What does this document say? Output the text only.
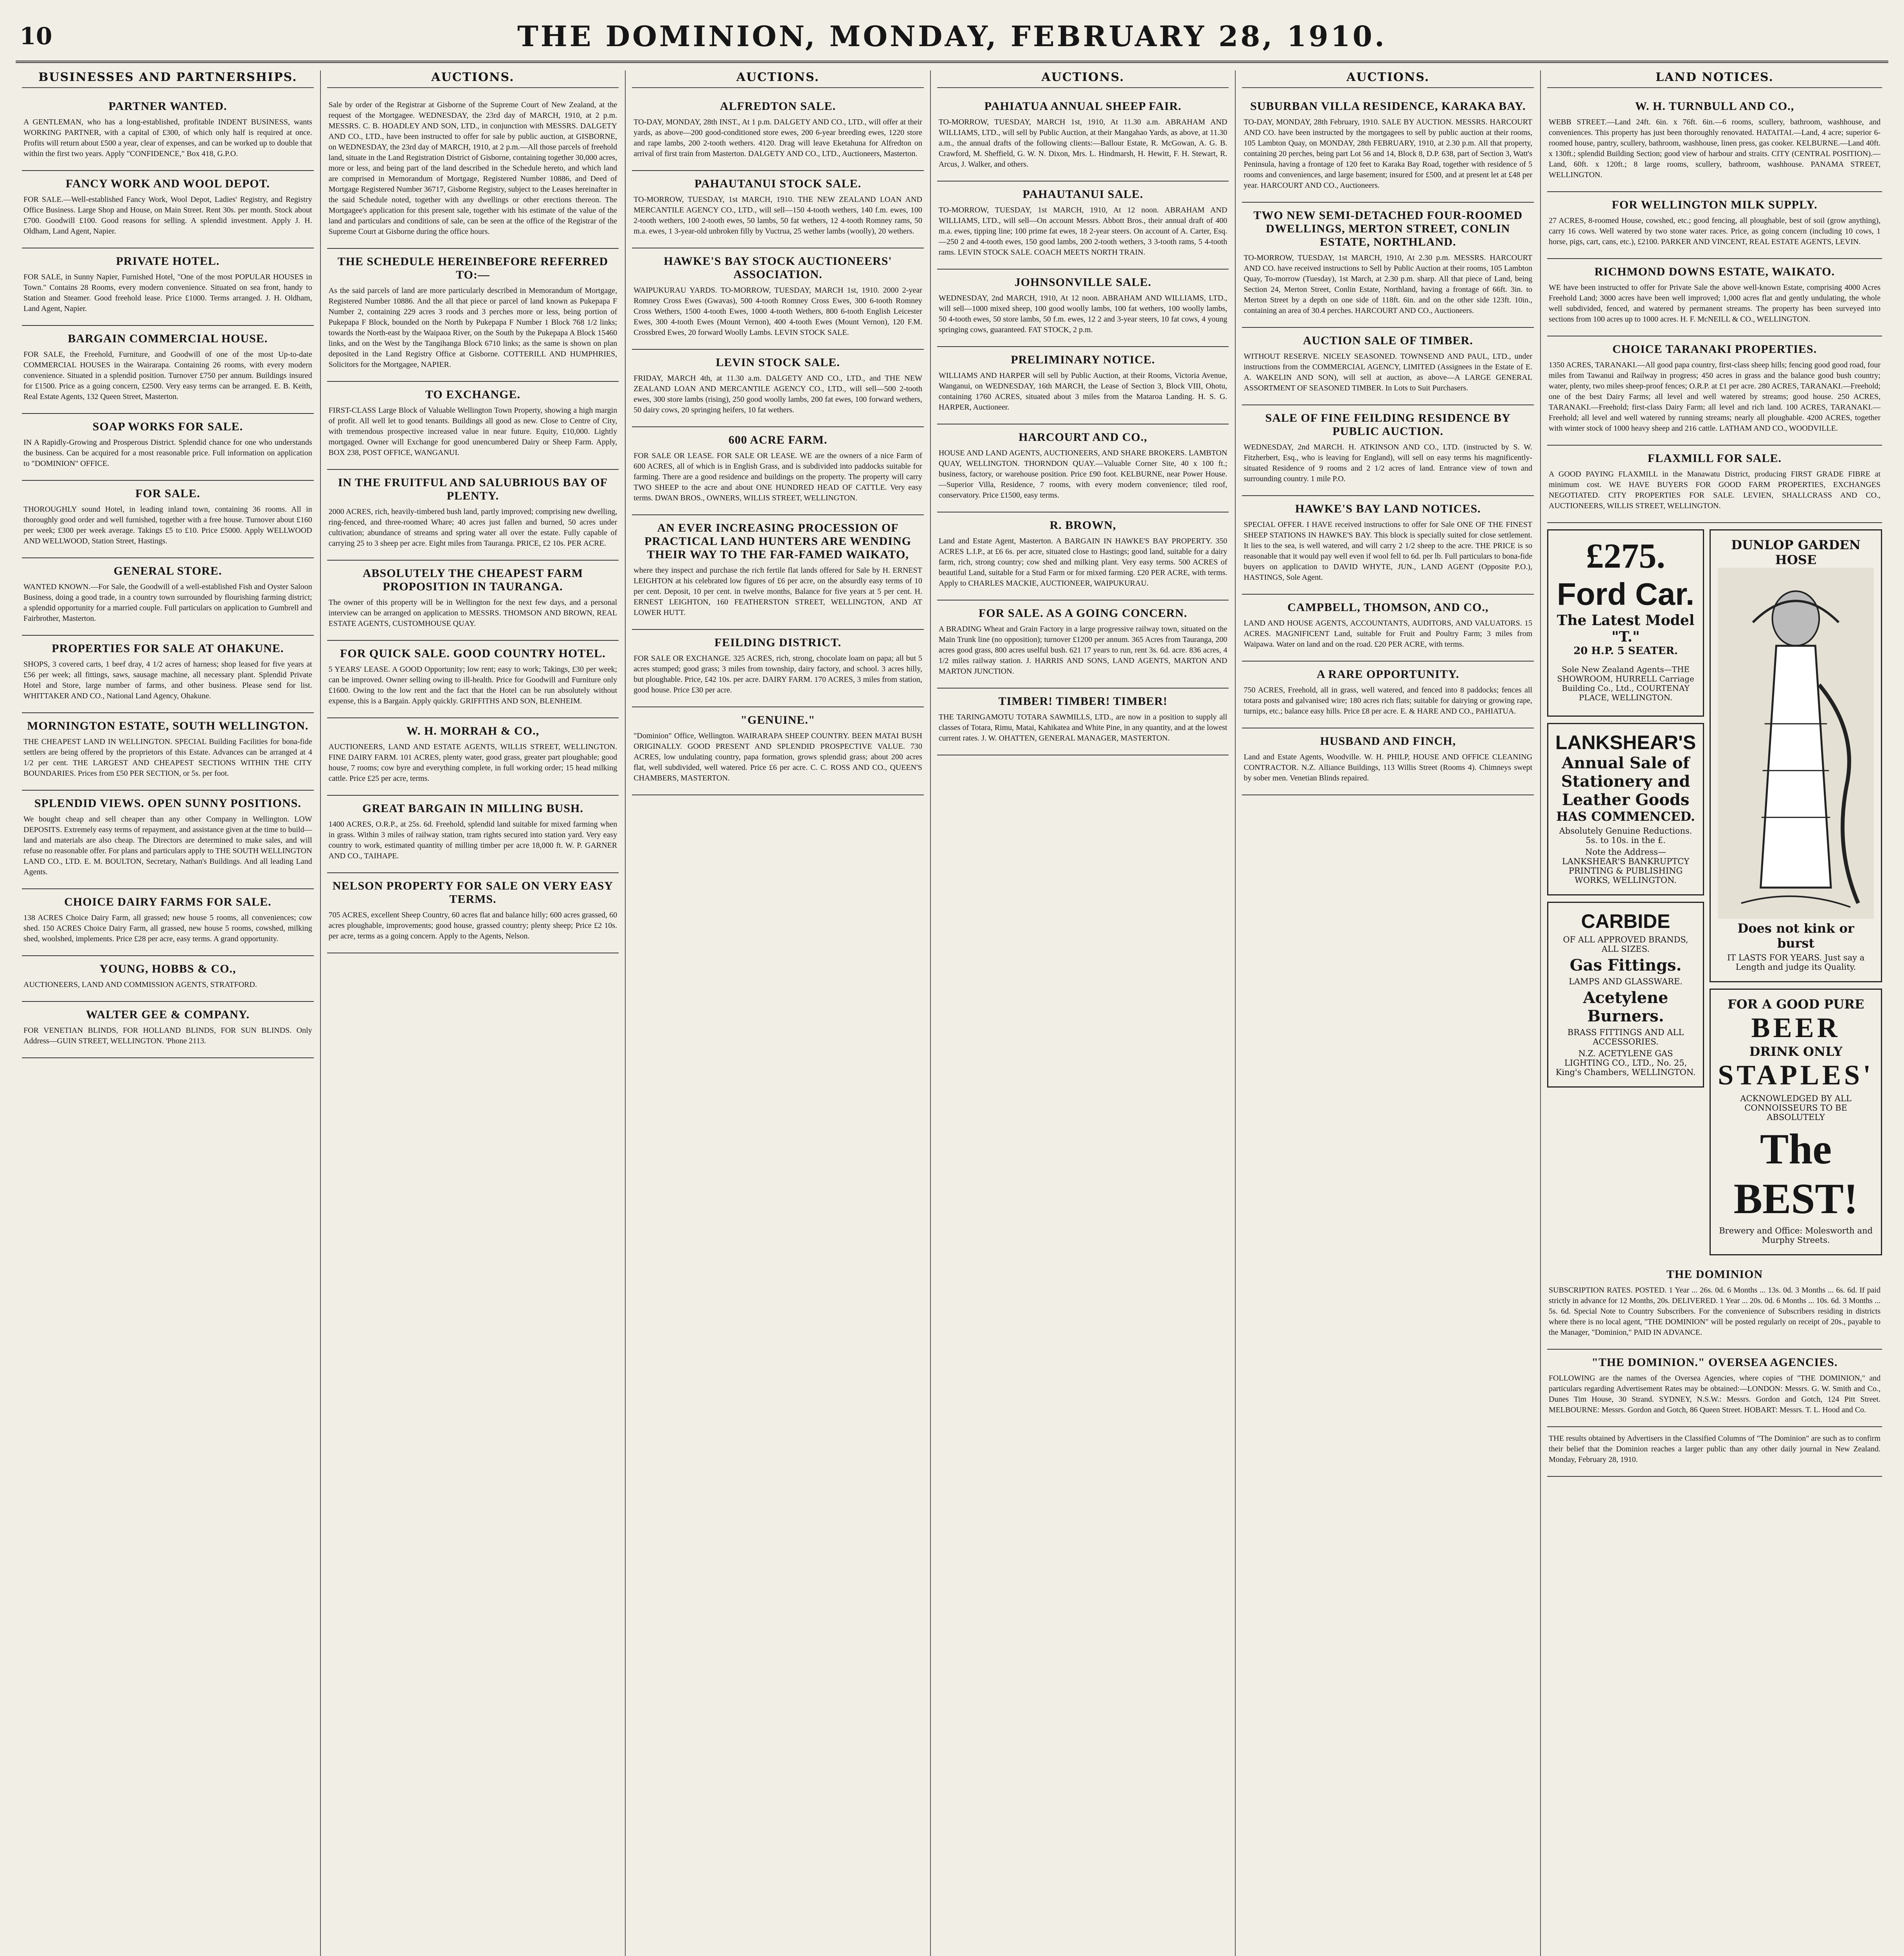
10	THE DOMINION, MONDAY, FEBRUARY 28, 1910.
BUSINESSES AND PARTNERSHIPS.
PARTNER WANTED.

A GENTLEMAN, who has a long-established, profitable INDENT BUSINESS, wants WORKING PARTNER, with a capital of £300, of which only half is required at once. Profits will return about £500 a year, clear of expenses, and can be worked up to double that within the first two years. Apply "CONFIDENCE," Box 418, G.P.O.

FANCY WORK AND WOOL DEPOT.

FOR SALE.—Well-established Fancy Work, Wool Depot, Ladies' Registry, and Registry Office Business. Large Shop and House, on Main Street. Rent 30s. per month. Stock about £700. Goodwill £100. Good reasons for selling. A splendid investment. Apply J. H. Oldham, Land Agent, Napier.

PRIVATE HOTEL.

FOR SALE, in Sunny Napier, Furnished Hotel, "One of the most POPULAR HOUSES in Town." Contains 28 Rooms, every modern convenience. Situated on sea front, handy to Station and Steamer. Good freehold lease. Price £1000. Terms arranged. J. H. Oldham, Land Agent, Napier.

BARGAIN COMMERCIAL HOUSE.

FOR SALE, the Freehold, Furniture, and Goodwill of one of the most Up-to-date COMMERCIAL HOUSES in the Wairarapa. Containing 26 rooms, with every modern convenience. Situated in a splendid position. Turnover £750 per annum. Buildings insured for £1500. Price as a going concern, £2500. Very easy terms can be arranged. E. B. Keith, Real Estate Agents, 132 Queen Street, Masterton.

SOAP WORKS FOR SALE.

IN A Rapidly-Growing and Prosperous District. Splendid chance for one who understands the business. Can be acquired for a most reasonable price. Full information on application to "DOMINION" OFFICE.

FOR SALE.

THOROUGHLY sound Hotel, in leading inland town, containing 36 rooms. All in thoroughly good order and well furnished, together with a free house. Turnover about £160 per week; £300 per week average. Takings £5 to £10. Price £5000. Apply WELLWOOD AND WELLWOOD, Station Street, Hastings.

GENERAL STORE.

WANTED KNOWN.—For Sale, the Goodwill of a well-established Fish and Oyster Saloon Business, doing a good trade, in a country town surrounded by flourishing farming district; a splendid opportunity for a married couple. Full particulars on application to Gumbrell and Fairbrother, Masterton.

PROPERTIES FOR SALE AT OHAKUNE.

SHOPS, 3 covered carts, 1 beef dray, 4 1/2 acres of harness; shop leased for five years at £56 per week; all fittings, saws, sausage machine, all necessary plant. Splendid Private Hotel and Store, large number of farms, and other business. Please send for list. WHITTAKER AND CO., National Land Agency, Ohakune.

MORNINGTON ESTATE, SOUTH WELLINGTON.

THE CHEAPEST LAND IN WELLINGTON. SPECIAL Building Facilities for bona-fide settlers are being offered by the proprietors of this Estate. Advances can be arranged at 4 1/2 per cent. THE LARGEST AND CHEAPEST SECTIONS WITHIN THE CITY BOUNDARIES. Prices from £50 PER SECTION, or 5s. per foot.

SPLENDID VIEWS. OPEN SUNNY POSITIONS.

We bought cheap and sell cheaper than any other Company in Wellington. LOW DEPOSITS. Extremely easy terms of repayment, and assistance given at the time to build—land and materials are also cheap. The Directors are determined to make sales, and will refuse no reasonable offer. For plans and particulars apply to THE SOUTH WELLINGTON LAND CO., LTD. E. M. BOULTON, Secretary, Nathan's Buildings. And all leading Land Agents.

CHOICE DAIRY FARMS FOR SALE.

138 ACRES Choice Dairy Farm, all grassed; new house 5 rooms, all conveniences; cow shed. 150 ACRES Choice Dairy Farm, all grassed, new house 5 rooms, cowshed, milking shed, woolshed, implements. Price £28 per acre, easy terms. A grand opportunity.

YOUNG, HOBBS & CO.,

AUCTIONEERS, LAND AND COMMISSION AGENTS, STRATFORD.

WALTER GEE & COMPANY.

FOR VENETIAN BLINDS, FOR HOLLAND BLINDS, FOR SUN BLINDS. Only Address—GUIN STREET, WELLINGTON. 'Phone 2113.

AUCTIONS.

Sale by order of the Registrar at Gisborne of the Supreme Court of New Zealand, at the request of the Mortgagee. WEDNESDAY, the 23rd day of MARCH, 1910, at 2 p.m. MESSRS. C. B. HOADLEY AND SON, LTD., in conjunction with MESSRS. DALGETY AND CO., LTD., have been instructed to offer for sale by public auction, at GISBORNE, on WEDNESDAY, the 23rd day of MARCH, 1910, at 2 p.m.—All those parcels of freehold land, situate in the Land Registration District of Gisborne, containing together 30,000 acres, more or less, and being part of the land described in the Schedule hereto, and which land are comprised in Memorandum of Mortgage, Registered Number 10886, and Deed of Mortgage Registered Number 36717, Gisborne Registry, subject to the Leases hereinafter in the said Schedule noted, together with any dwellings or other erections thereon. The Mortgagee's application for this present sale, together with his estimate of the value of the land and particulars and conditions of sale, can be seen at the office of the Registrar of the Supreme Court at Gisborne during the office hours.

THE SCHEDULE HEREINBEFORE REFERRED TO:—

As the said parcels of land are more particularly described in Memorandum of Mortgage, Registered Number 10886. And the all that piece or parcel of land known as Pukepapa F Number 2, containing 229 acres 3 roods and 3 perches more or less, being portion of Pukepapa F Block, bounded on the North by Pukepapa F Number 1 Block 768 1/2 links; towards the North-east by the Waipaoa River, on the South by the Pukepapa A Block 15460 links, and on the West by the Tangihanga Block 6710 links; as the same is shown on plan deposited in the Land Registry Office at Gisborne. COTTERILL AND HUMPHRIES, Solicitors for the Mortgagee, NAPIER.

TO EXCHANGE.

FIRST-CLASS Large Block of Valuable Wellington Town Property, showing a high margin of profit. All well let to good tenants. Buildings all good as new. Close to Centre of City, with tremendous prospective increased value in near future. Equity, £10,000. Lightly mortgaged. Owner will Exchange for good unencumbered Dairy or Sheep Farm. Apply, BOX 238, POST OFFICE, WANGANUI.

IN THE FRUITFUL AND SALUBRIOUS BAY OF PLENTY.

2000 ACRES, rich, heavily-timbered bush land, partly improved; comprising new dwelling, ring-fenced, and three-roomed Whare; 40 acres just fallen and burned, 50 acres under cultivation; abundance of streams and spring water all over the estate. Fully capable of carrying 25 to 3 sheep per acre. Eight miles from Tauranga. PRICE, £2 10s. PER ACRE.

ABSOLUTELY THE CHEAPEST FARM PROPOSITION IN TAURANGA.

The owner of this property will be in Wellington for the next few days, and a personal interview can be arranged on application to MESSRS. THOMSON AND BROWN, REAL ESTATE AGENTS, CUSTOMHOUSE QUAY.

FOR QUICK SALE. GOOD COUNTRY HOTEL.

5 YEARS' LEASE. A GOOD Opportunity; low rent; easy to work; Takings, £30 per week; can be improved. Owner selling owing to ill-health. Price for Goodwill and Furniture only £1600. Owing to the low rent and the fact that the Hotel can be run absolutely without expense, this is a Bargain. Apply quickly. GRIFFITHS AND SON, BLENHEIM.

W. H. MORRAH & CO.,

AUCTIONEERS, LAND AND ESTATE AGENTS, WILLIS STREET, WELLINGTON. FINE DAIRY FARM. 101 ACRES, plenty water, good grass, greater part ploughable; good house, 7 rooms; cow byre and everything complete, in full working order; 15 head milking cattle. Price £25 per acre, terms.

GREAT BARGAIN IN MILLING BUSH.

1400 ACRES, O.R.P., at 25s. 6d. Freehold, splendid land suitable for mixed farming when in grass. Within 3 miles of railway station, tram rights secured into station yard. Very easy country to work, estimated quantity of milling timber per acre 18,000 ft. W. P. GARNER AND CO., TAIHAPE.

NELSON PROPERTY FOR SALE ON VERY EASY TERMS.

705 ACRES, excellent Sheep Country, 60 acres flat and balance hilly; 600 acres grassed, 60 acres ploughable, improvements; good house, grassed country; plenty sheep; Price £2 10s. per acre, terms as a going concern. Apply to the Agents, Nelson.

AUCTIONS.
ALFREDTON SALE.

TO-DAY, MONDAY, 28th INST., At 1 p.m. DALGETY AND CO., LTD., will offer at their yards, as above—200 good-conditioned store ewes, 200 6-year breeding ewes, 1220 store and rape lambs, 200 2-tooth wethers. 4120. Drag will leave Eketahuna for Alfredton on arrival of first train from Masterton. DALGETY AND CO., LTD., Auctioneers, Masterton.

PAHAUTANUI STOCK SALE.

TO-MORROW, TUESDAY, 1st MARCH, 1910. THE NEW ZEALAND LOAN AND MERCANTILE AGENCY CO., LTD., will sell—150 4-tooth wethers, 140 f.m. ewes, 100 2-tooth wethers, 100 2-tooth ewes, 50 lambs, 50 fat wethers, 12 4-tooth Romney rams, 50 m.a. ewes, 1 3-year-old unbroken filly by Vuctrua, 25 wether lambs (woolly), 20 wethers.

HAWKE'S BAY STOCK AUCTIONEERS' ASSOCIATION.

WAIPUKURAU YARDS. TO-MORROW, TUESDAY, MARCH 1st, 1910. 2000 2-year Romney Cross Ewes (Gwavas), 500 4-tooth Romney Cross Ewes, 300 6-tooth Romney Cross Wethers, 1500 4-tooth Ewes, 1000 4-tooth Wethers, 800 6-tooth English Leicester Ewes, 300 4-tooth Ewes (Mount Vernon), 400 4-tooth Ewes (Mount Vernon), 120 F.M. Crossbred Ewes, 20 forward Woolly Lambs. LEVIN STOCK SALE.

LEVIN STOCK SALE.

FRIDAY, MARCH 4th, at 11.30 a.m. DALGETY AND CO., LTD., and THE NEW ZEALAND LOAN AND MERCANTILE AGENCY CO., LTD., will sell—500 2-tooth ewes, 300 store lambs (rising), 250 good woolly lambs, 200 fat ewes, 100 forward wethers, 50 dairy cows, 20 springing heifers, 10 fat wethers.

600 ACRE FARM.

FOR SALE OR LEASE. FOR SALE OR LEASE. WE are the owners of a nice Farm of 600 ACRES, all of which is in English Grass, and is subdivided into paddocks suitable for farming. There are a good residence and buildings on the property. The property will carry TWO SHEEP to the acre and about ONE HUNDRED HEAD OF CATTLE. Very easy terms. DWAN BROS., OWNERS, WILLIS STREET, WELLINGTON.

AN EVER INCREASING PROCESSION OF PRACTICAL LAND HUNTERS ARE WENDING THEIR WAY TO THE FAR-FAMED WAIKATO,

where they inspect and purchase the rich fertile flat lands offered for Sale by H. ERNEST LEIGHTON at his celebrated low figures of £6 per acre, on the absurdly easy terms of 10 per cent. Deposit, 10 per cent. in twelve months, Balance for five years at 5 per cent. H. ERNEST LEIGHTON, 160 FEATHERSTON STREET, WELLINGTON, AND AT LOWER HUTT.

FEILDING DISTRICT.

FOR SALE OR EXCHANGE. 325 ACRES, rich, strong, chocolate loam on papa; all but 5 acres stumped; good grass; 3 miles from township, dairy factory, and school. 3 acres hilly, but ploughable. Price, £42 10s. per acre. DAIRY FARM. 170 ACRES, 3 miles from station, good house. Price £30 per acre.

"GENUINE."

"Dominion" Office, Wellington. WAIRARAPA SHEEP COUNTRY. BEEN MATAI BUSH ORIGINALLY. GOOD PRESENT AND SPLENDID PROSPECTIVE VALUE. 730 ACRES, low undulating country, papa formation, grows splendid grass; about 200 acres flat, well subdivided, well watered. Price £6 per acre. C. C. ROSS AND CO., QUEEN'S CHAMBERS, MASTERTON.

AUCTIONS.
PAHIATUA ANNUAL SHEEP FAIR.

TO-MORROW, TUESDAY, MARCH 1st, 1910, At 11.30 a.m. ABRAHAM AND WILLIAMS, LTD., will sell by Public Auction, at their Mangahao Yards, as above, at 11.30 a.m., the annual drafts of the following clients:—Ballour Estate, R. McGowan, A. G. B. Crawford, M. Sheffield, G. W. N. Dixon, Mrs. L. Hindmarsh, H. Hewitt, F. H. Stewart, R. Arcus, J. Walker, and others.

PAHAUTANUI SALE.

TO-MORROW, TUESDAY, 1st MARCH, 1910, At 12 noon. ABRAHAM AND WILLIAMS, LTD., will sell—On account Messrs. Abbott Bros., their annual draft of 400 m.a. ewes, tipping line; 100 prime fat ewes, 18 2-year steers. On account of A. Carter, Esq.—250 2 and 4-tooth ewes, 150 good lambs, 200 2-tooth wethers, 3 3-tooth rams, 5 4-tooth rams. LEVIN STOCK SALE. COACH MEETS NORTH TRAIN.

JOHNSONVILLE SALE.

WEDNESDAY, 2nd MARCH, 1910, At 12 noon. ABRAHAM AND WILLIAMS, LTD., will sell—1000 mixed sheep, 100 good woolly lambs, 100 fat wethers, 100 woolly lambs, 50 4-tooth ewes, 50 store lambs, 50 f.m. ewes, 12 2 and 3-year steers, 10 fat cows, 4 young springing cows, guaranteed. FAT STOCK, 2 p.m.

PRELIMINARY NOTICE.

WILLIAMS AND HARPER will sell by Public Auction, at their Rooms, Victoria Avenue, Wanganui, on WEDNESDAY, 16th MARCH, the Lease of Section 3, Block VIII, Ohotu, containing 1760 ACRES, situated about 3 miles from the Mataroa Landing. H. S. G. HARPER, Auctioneer.

HARCOURT AND CO.,

HOUSE AND LAND AGENTS, AUCTIONEERS, AND SHARE BROKERS. LAMBTON QUAY, WELLINGTON. THORNDON QUAY.—Valuable Corner Site, 40 x 100 ft.; business, factory, or warehouse position. Price £90 foot. KELBURNE, near Power House.—Superior Villa, Residence, 7 rooms, with every modern convenience; tiled roof, conservatory. Price £1500, easy terms.

R. BROWN,

Land and Estate Agent, Masterton. A BARGAIN IN HAWKE'S BAY PROPERTY. 350 ACRES L.I.P., at £6 6s. per acre, situated close to Hastings; good land, suitable for a dairy farm, rich, strong country; cow shed and milking plant. Very easy terms. 500 ACRES of beautiful Land, suitable for a Stud Farm or for mixed farming. £20 PER ACRE, with terms. Apply to CHARLES MACKIE, AUCTIONEER, WAIPUKURAU.

FOR SALE. AS A GOING CONCERN.

A BRADING Wheat and Grain Factory in a large progressive railway town, situated on the Main Trunk line (no opposition); turnover £1200 per annum. 365 Acres from Tauranga, 200 acres good grass, 800 acres uselful bush. 621 17 years to run, rent 3s. 6d. acre. 836 acres, 4 1/2 miles railway station. J. HARRIS AND SONS, LAND AGENTS, MARTON AND MARTON JUNCTION.

TIMBER! TIMBER! TIMBER!

THE TARINGAMOTU TOTARA SAWMILLS, LTD., are now in a position to supply all classes of Totara, Rimu, Matai, Kahikatea and White Pine, in any quantity, and at the lowest current rates. J. W. OHATTEN, GENERAL MANAGER, MASTERTON.

AUCTIONS.
SUBURBAN VILLA RESIDENCE, KARAKA BAY.

TO-DAY, MONDAY, 28th February, 1910. SALE BY AUCTION. MESSRS. HARCOURT AND CO. have been instructed by the mortgagees to sell by public auction at their rooms, 105 Lambton Quay, on MONDAY, 28th FEBRUARY, 1910, at 2.30 p.m. All that property, containing 20 perches, being part Lot 56 and 14, Block 8, D.P. 638, part of Section 3, Watt's Peninsula, having a frontage of 120 feet to Karaka Bay Road, together with residence of 5 rooms and conveniences, and large basement; insured for £500, and at present let at £48 per year. HARCOURT AND CO., Auctioneers.

TWO NEW SEMI-DETACHED FOUR-ROOMED DWELLINGS, MERTON STREET, CONLIN ESTATE, NORTHLAND.

TO-MORROW, TUESDAY, 1st MARCH, 1910, At 2.30 p.m. MESSRS. HARCOURT AND CO. have received instructions to Sell by Public Auction at their rooms, 105 Lambton Quay, To-morrow (Tuesday), 1st March, at 2.30 p.m. sharp. All that piece of Land, being Section 24, Merton Street, Conlin Estate, Northland, having a frontage of 66ft. 3in. to Merton Street by a depth on one side of 118ft. 6in. and on the other side 123ft. 10in., containing an area of 30.4 perches. HARCOURT AND CO., Auctioneers.

AUCTION SALE OF TIMBER.

WITHOUT RESERVE. NICELY SEASONED. TOWNSEND AND PAUL, LTD., under instructions from the COMMERCIAL AGENCY, LIMITED (Assignees in the Estate of E. A. WAKELIN AND SON), will sell at auction, as above—A LARGE GENERAL ASSORTMENT OF SEASONED TIMBER. In Lots to Suit Purchasers.

SALE OF FINE FEILDING RESIDENCE BY PUBLIC AUCTION.

WEDNESDAY, 2nd MARCH. H. ATKINSON AND CO., LTD. (instructed by S. W. Fitzherbert, Esq., who is leaving for England), will sell on easy terms his magnificently-situated Residence of 9 rooms and 2 1/2 acres of land. Entrance view of town and surrounding country. 1 mile P.O.

HAWKE'S BAY LAND NOTICES.

SPECIAL OFFER. I HAVE received instructions to offer for Sale ONE OF THE FINEST SHEEP STATIONS IN HAWKE'S BAY. This block is specially suited for close settlement. It lies to the sea, is well watered, and will carry 2 1/2 sheep to the acre. THE PRICE is so reasonable that it would pay well even if wool fell to 6d. per lb. Full particulars to bona-fide buyers on application to DAVID WHYTE, JUN., LAND AGENT (Opposite P.O.), HASTINGS, Sole Agent.

CAMPBELL, THOMSON, AND CO.,

LAND AND HOUSE AGENTS, ACCOUNTANTS, AUDITORS, AND VALUATORS. 15 ACRES. MAGNIFICENT Land, suitable for Fruit and Poultry Farm; 3 miles from Waipawa. Water on land and on the road. £20 PER ACRE, with terms.

A RARE OPPORTUNITY.

750 ACRES, Freehold, all in grass, well watered, and fenced into 8 paddocks; fences all totara posts and galvanised wire; 180 acres rich flats; suitable for dairying or growing rape, turnips, etc.; balance easy hills. Price £8 per acre. E. & HARE AND CO., PAHIATUA.

HUSBAND AND FINCH,

Land and Estate Agents, Woodville. W. H. PHILP, HOUSE AND OFFICE CLEANING CONTRACTOR. N.Z. Alliance Buildings, 113 Willis Street (Rooms 4). Chimneys swept by sober men. Venetian Blinds repaired.

LAND NOTICES.
W. H. TURNBULL AND CO.,

WEBB STREET.—Land 24ft. 6in. x 76ft. 6in.—6 rooms, scullery, bathroom, washhouse, and conveniences. This property has just been thoroughly renovated. HATAITAI.—Land, 4 acre; superior 6-roomed house, pantry, scullery, bathroom, washhouse, linen press, gas cooker. KELBURNE.—Land 40ft. x 130ft.; splendid Building Section; good view of harbour and straits. CITY (CENTRAL POSITION).—Land, 60ft. x 120ft.; 8 large rooms, scullery, bathroom, washhouse. PANAMA STREET, WELLINGTON.

FOR WELLINGTON MILK SUPPLY.

27 ACRES, 8-roomed House, cowshed, etc.; good fencing, all ploughable, best of soil (grow anything), carry 16 cows. Well watered by two stone water races. Price, as going concern (including 10 cows, 1 horse, pigs, cart, cans, etc.), £2100. PARKER AND VINCENT, REAL ESTATE AGENTS, LEVIN.

RICHMOND DOWNS ESTATE, WAIKATO.

WE have been instructed to offer for Private Sale the above well-known Estate, comprising 4000 Acres Freehold Land; 3000 acres have been well improved; 1,000 acres flat and gently undulating, the whole well subdivided, fenced, and watered by permanent streams. The property has been surveyed into sections from 100 acres up to 1000 acres. H. F. McNEILL & CO., WELLINGTON.

CHOICE TARANAKI PROPERTIES.

1350 ACRES, TARANAKI.—All good papa country, first-class sheep hills; fencing good good road, four miles from Tawanui and Railway in progress; 450 acres in grass and the balance good bush country; water, plenty, two miles sheep-proof fences; O.R.P. at £1 per acre. 280 ACRES, TARANAKI.—Freehold; one of the best Dairy Farms; all level and well watered by streams; good house. 250 ACRES, TARANAKI.—Freehold; first-class Dairy Farm; all level and rich land. 100 ACRES, TARANAKI.—Freehold; all level and well watered by running streams; nearly all ploughable. 4200 ACRES, together with winter stock of 1000 heavy sheep and 216 cattle. LATHAM AND CO., WOODVILLE.

FLAXMILL FOR SALE.

A GOOD PAYING FLAXMILL in the Manawatu District, producing FIRST GRADE FIBRE at minimum cost. WE HAVE BUYERS FOR GOOD FARM PROPERTIES, EXCHANGES NEGOTIATED. CITY PROPERTIES FOR SALE. LEVIEN, SHALLCRASS AND CO., AUCTIONEERS, WILLIS STREET, WELLINGTON.

£275.
Ford Car.
The Latest Model "T."
20 H.P. 5 SEATER.

Sole New Zealand Agents—THE SHOWROOM, HURRELL Carriage Building Co., Ltd., COURTENAY PLACE, WELLINGTON.

LANKSHEAR'S
Annual Sale of Stationery and Leather Goods
HAS COMMENCED.

Absolutely Genuine Reductions. 5s. to 10s. in the £.

Note the Address—LANKSHEAR'S BANKRUPTCY PRINTING & PUBLISHING WORKS, WELLINGTON.

CARBIDE

OF ALL APPROVED BRANDS, ALL SIZES.

Gas Fittings.

LAMPS AND GLASSWARE.

Acetylene Burners.

BRASS FITTINGS AND ALL ACCESSORIES.

N.Z. ACETYLENE GAS LIGHTING CO., LTD., No. 25, King's Chambers, WELLINGTON.

DUNLOP GARDEN HOSE
Does not kink or burst

IT LASTS FOR YEARS. Just say a Length and judge its Quality.

FOR A GOOD PURE
BEER
DRINK ONLY
STAPLES'

ACKNOWLEDGED BY ALL CONNOISSEURS TO BE ABSOLUTELY

The BEST!

Brewery and Office: Molesworth and Murphy Streets.

THE DOMINION

SUBSCRIPTION RATES. POSTED. 1 Year ... 26s. 0d. 6 Months ... 13s. 0d. 3 Months ... 6s. 6d. If paid strictly in advance for 12 Months, 20s. DELIVERED. 1 Year ... 20s. 0d. 6 Months ... 10s. 6d. 3 Months ... 5s. 6d. Special Note to Country Subscribers. For the convenience of Subscribers residing in districts where there is no local agent, "THE DOMINION" will be posted regularly on receipt of 20s., payable to the Manager, "Dominion," PAID IN ADVANCE.

"THE DOMINION." OVERSEA AGENCIES.

FOLLOWING are the names of the Oversea Agencies, where copies of "THE DOMINION," and particulars regarding Advertisement Rates may be obtained:—LONDON: Messrs. G. W. Smith and Co., Dunes Tim House, 30 Strand. SYDNEY, N.S.W.: Messrs. Gordon and Gotch, 124 Pitt Street. MELBOURNE: Messrs. Gordon and Gotch, 86 Queen Street. HOBART: Messrs. T. L. Hood and Co.

THE results obtained by Advertisers in the Classified Columns of "The Dominion" are such as to confirm their belief that the Dominion reaches a larger public than any other daily journal in New Zealand. Monday, February 28, 1910.
